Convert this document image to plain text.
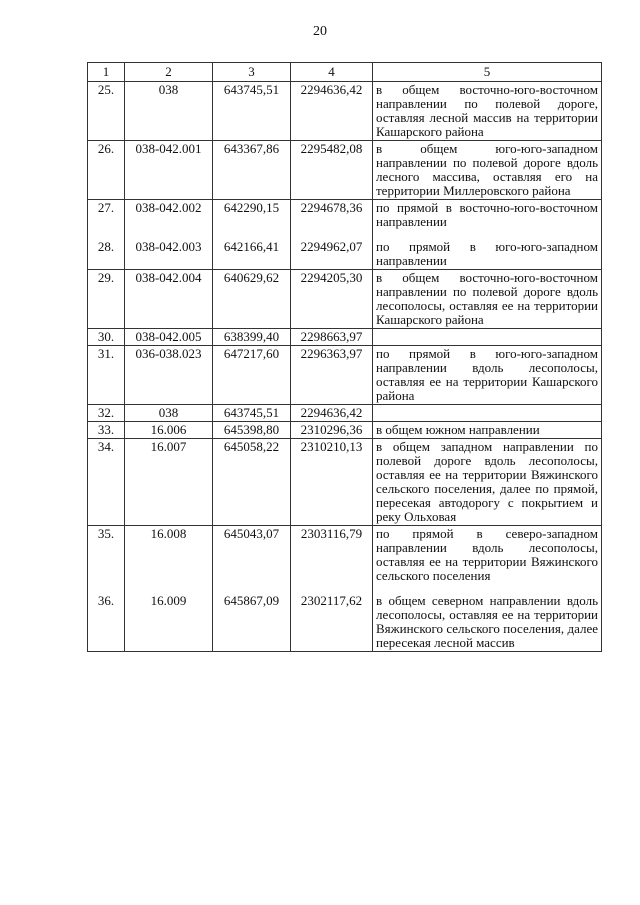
20
1	2	3	4	5
25.	038	643745,51	2294636,42	в общем восточно-юго-восточном направлении по полевой дороге, оставляя лесной массив на территории Кашарского района
26.	038-042.001	643367,86	2295482,08	в общем юго-юго-западном направлении по полевой дороге вдоль лесного массива, оставляя его на территории Миллеровского района
27.	038-042.002	642290,15	2294678,36	по прямой в восточно-юго-восточном направлении
28.	038-042.003	642166,41	2294962,07	по прямой в юго-юго-западном направлении
29.	038-042.004	640629,62	2294205,30	в общем восточно-юго-восточном направлении по полевой дороге вдоль лесополосы, оставляя ее на территории Кашарского района
30.	038-042.005	638399,40	2298663,97	
31.	036-038.023	647217,60	2296363,97	по прямой в юго-юго-западном направлении вдоль лесополосы, оставляя ее на территории Кашарского района
32.	038	643745,51	2294636,42	
33.	16.006	645398,80	2310296,36	в общем южном направлении
34.	16.007	645058,22	2310210,13	в общем западном направлении по полевой дороге вдоль лесополосы, оставляя ее на территории Вяжинского сельского поселения, далее по прямой, пересекая автодорогу с покрытием и реку Ольховая
35.	16.008	645043,07	2303116,79	по прямой в северо-западном направлении вдоль лесополосы, оставляя ее на территории Вяжинского сельского поселения
36.	16.009	645867,09	2302117,62	в общем северном направлении вдоль лесополосы, оставляя ее на территории Вяжинского сельского поселения, далее пересекая лесной массив
